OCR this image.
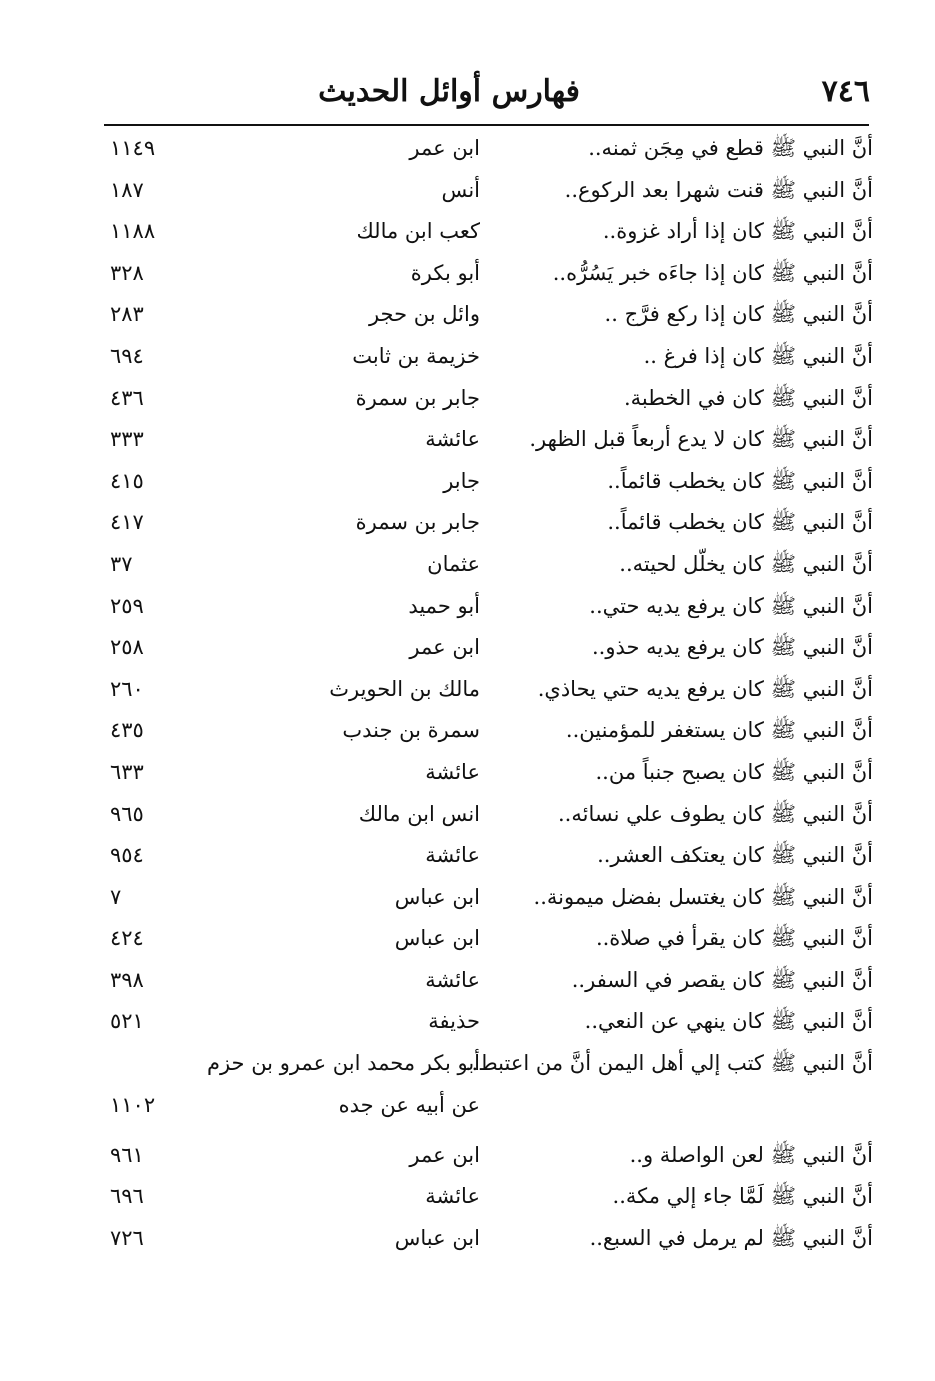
فهارس أوائل الحديث	٧٤٦
أنَّ النبي ﷺ قطع في مِجَن ثمنه..
ابن عمر
١١٤٩
أنَّ النبي ﷺ قنت شهرا بعد الركوع..
أنس
١٨٧
أنَّ النبي ﷺ كان إذا أراد غزوة..
كعب ابن مالك
١١٨٨
أنَّ النبي ﷺ كان إذا جاءَه خبر يَسُرُّه..
أبو بكرة
٣٢٨
أنَّ النبي ﷺ كان إذا ركع فرَّج ..
وائل بن حجر
٢٨٣
أنَّ النبي ﷺ كان إذا فرغ ..
خزيمة بن ثابت
٦٩٤
أنَّ النبي ﷺ كان في الخطبة.
جابر بن سمرة
٤٣٦
أنَّ النبي ﷺ كان لا يدع أربعاً قبل الظهر.
عائشة
٣٣٣
أنَّ النبي ﷺ كان يخطب قائماً..
جابر
٤١٥
أنَّ النبي ﷺ كان يخطب قائماً..
جابر بن سمرة
٤١٧
أنَّ النبي ﷺ كان يخلّل لحيته..
عثمان
٣٧
أنَّ النبي ﷺ كان يرفع يديه حتي..
أبو حميد
٢٥٩
أنَّ النبي ﷺ كان يرفع يديه حذو..
ابن عمر
٢٥٨
أنَّ النبي ﷺ كان يرفع يديه حتي يحاذي.
مالك بن الحويرث
٢٦٠
أنَّ النبي ﷺ كان يستغفر للمؤمنين..
سمرة بن جندب
٤٣٥
أنَّ النبي ﷺ كان يصبح جنباً من..
عائشة
٦٣٣
أنَّ النبي ﷺ كان يطوف علي نسائه..
انس ابن مالك
٩٦٥
أنَّ النبي ﷺ كان يعتكف العشر..
عائشة
٩٥٤
أنَّ النبي ﷺ كان يغتسل بفضل ميمونة..
ابن عباس
٧
أنَّ النبي ﷺ كان يقرأ في صلاة..
ابن عباس
٤٢٤
أنَّ النبي ﷺ كان يقصر في السفر..
عائشة
٣٩٨
أنَّ النبي ﷺ كان ينهي عن النعي..
حذيفة
٥٢١
أنَّ النبي ﷺ كتب إلي أهل اليمن أنَّ من اعتبط..
أبو بكر محمد ابن عمرو بن حزم
عن أبيه عن جده
١١٠٢
أنَّ النبي ﷺ لعن الواصلة و..
ابن عمر
٩٦١
أنَّ النبي ﷺ لَمَّا جاء إلي مكة..
عائشة
٦٩٦
أنَّ النبي ﷺ لم يرمل في السبع..
ابن عباس
٧٢٦
